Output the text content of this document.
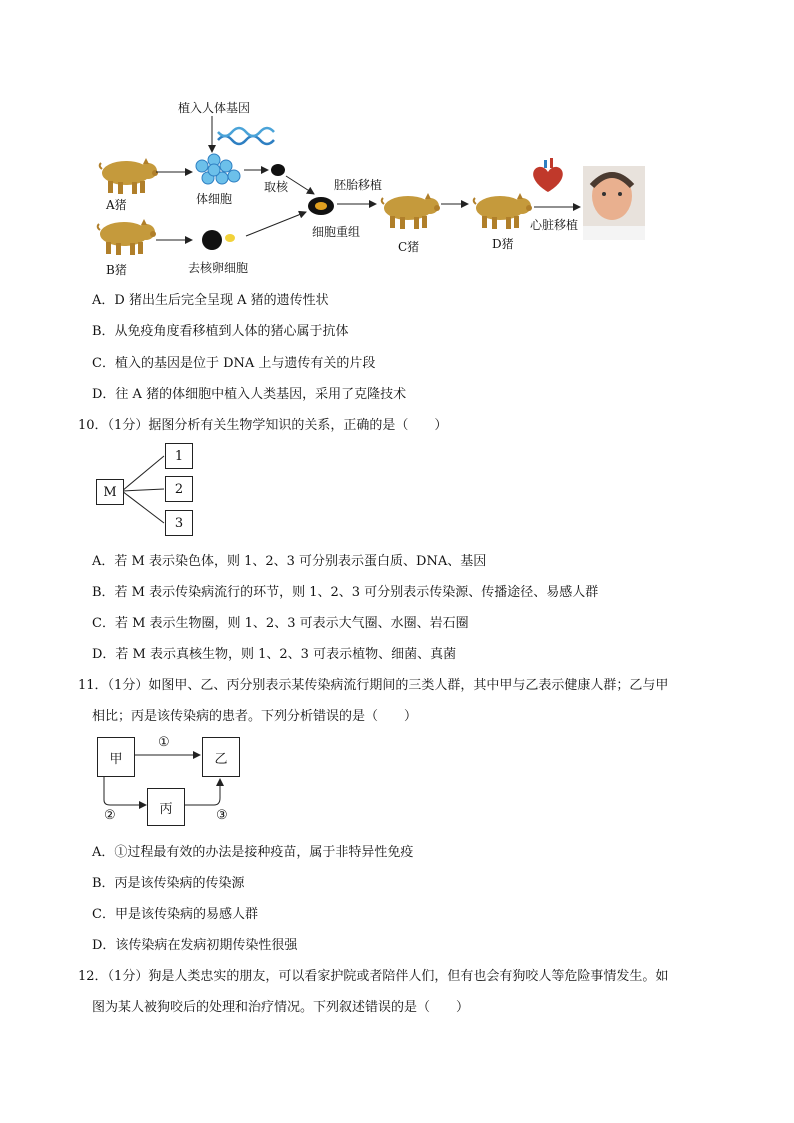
植入人体基因
体细胞
取核	胚胎移植
A猪
B猪	去核卵细胞
细胞重组
C猪	D猪
心脏移植
A．D 猪出生后完全呈现 A 猪的遗传性状
B．从免疫角度看移植到人体的猪心属于抗体
C．植入的基因是位于 DNA 上与遗传有关的片段
D．往 A 猪的体细胞中植入人类基因，采用了克隆技术
10．（1分）据图分析有关生物学知识的关系，正确的是（　　）
M
1
2
3
A．若 M 表示染色体，则 1、2、3 可分别表示蛋白质、DNA、基因
B．若 M 表示传染病流行的环节，则 1、2、3 可分别表示传染源、传播途径、易感人群
C．若 M 表示生物圈，则 1、2、3 可表示大气圈、水圈、岩石圈
D．若 M 表示真核生物，则 1、2、3 可表示植物、细菌、真菌
11．（1分）如图甲、乙、丙分别表示某传染病流行期间的三类人群，其中甲与乙表示健康人群；乙与甲
相比；丙是该传染病的患者。下列分析错误的是（　　）
甲	乙
丙
①
②	③
A．①过程最有效的办法是接种疫苗，属于非特异性免疫
B．丙是该传染病的传染源
C．甲是该传染病的易感人群
D．该传染病在发病初期传染性很强
12．（1分）狗是人类忠实的朋友，可以看家护院或者陪伴人们，但有也会有狗咬人等危险事情发生。如
图为某人被狗咬后的处理和治疗情况。下列叙述错误的是（　　）
